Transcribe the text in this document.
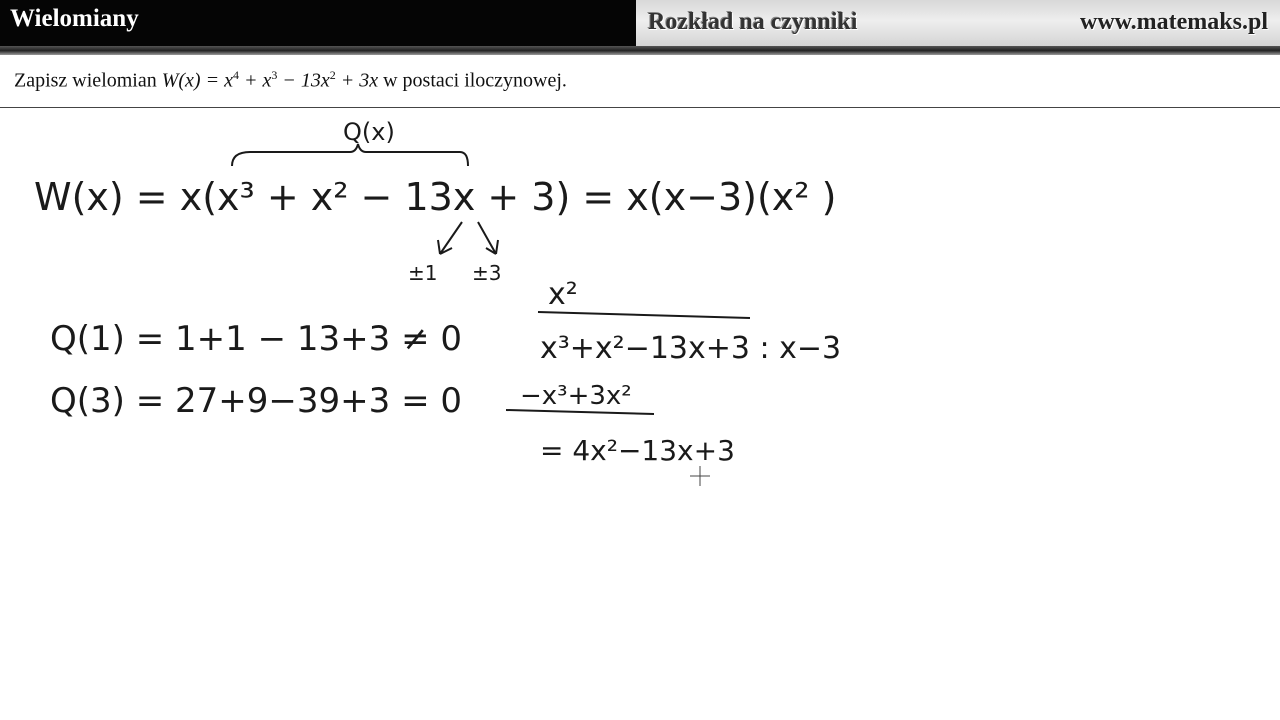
Wielomiany	Rozkład na czynniki	www.matemaks.pl
Zapisz wielomian $W(x) = x^4 + x^3 - 13x^2 + 3x$ w postaci iloczynowej.
Q(x)
W(x) = x(x³ + x² − 13x + 3) = x(x−3)(x² )
±1 ±3
Q(1) = 1+1 − 13+3 ≠ 0
Q(3) = 27+9−39+3 = 0
x²
x³+x²−13x+3 : x−3
−x³+3x²
= 4x²−13x+3
